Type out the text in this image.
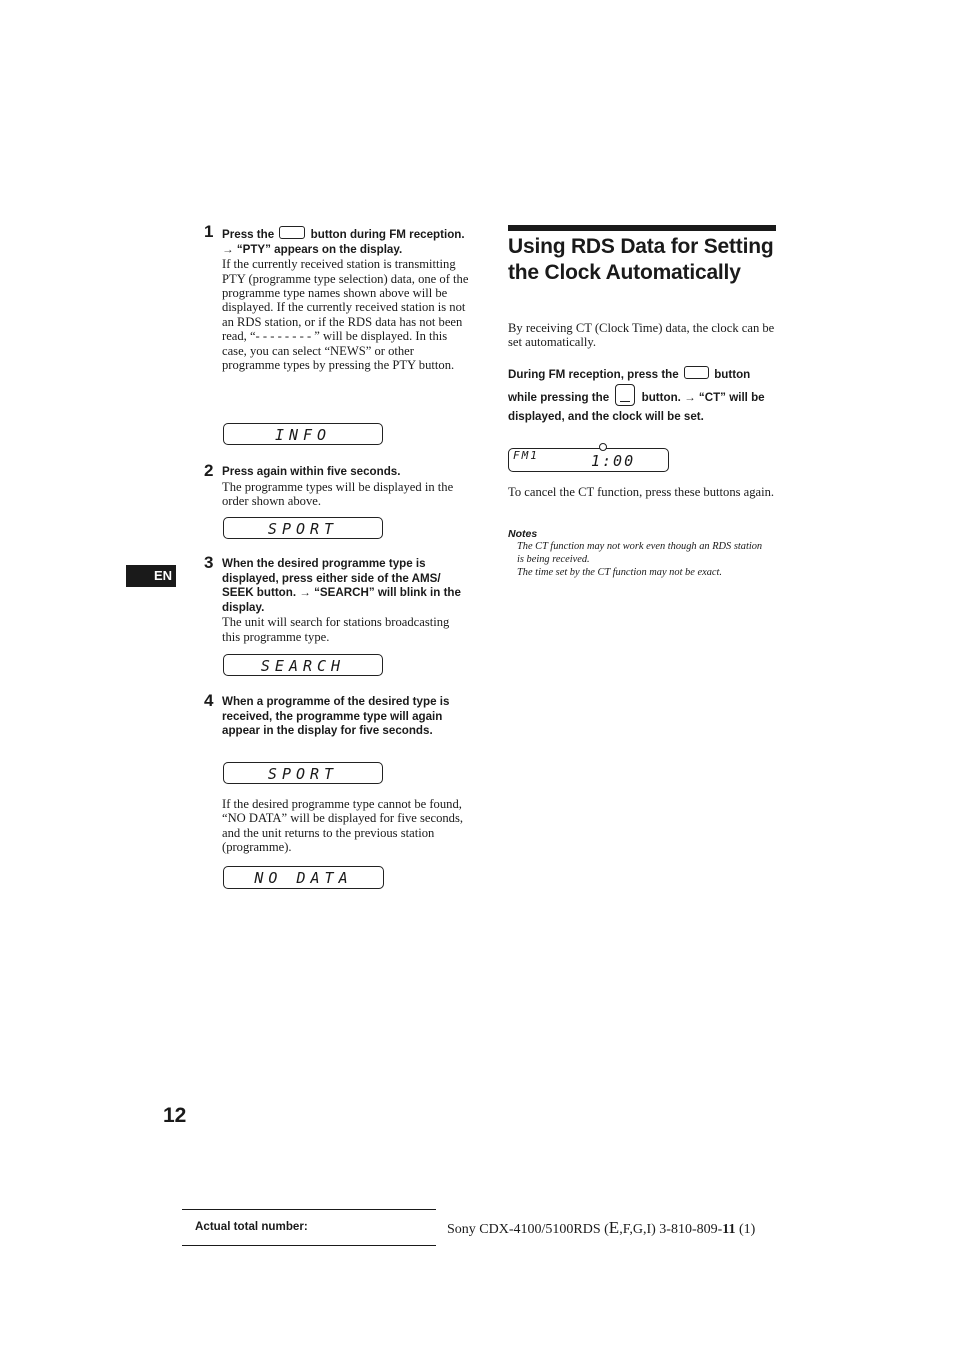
1 Press the	button during FM reception. → “PTY” appears on the display.
If the currently received station is transmitting PTY (programme type selection) data, one of the programme type names shown above will be displayed. If the currently received station is not an RDS station, or if the RDS data has not been read, “- - - - - - - - ” will be displayed. In this case, you can select “NEWS” or other programme types by pressing the PTY button.
INFO
2 Press again within five seconds.
The programme types will be displayed in the order shown above.
SPORT
3 When the desired programme type is displayed, press either side of the AMS/ SEEK button. → “SEARCH” will blink in the display.
The unit will search for stations broadcasting this programme type.
SEARCH
4 When a programme of the desired type is received, the programme type will again appear in the display for five seconds.
SPORT
If the desired programme type cannot be found, “NO DATA” will be displayed for five seconds, and the unit returns to the previous station (programme).
NO DATA
EN
Using RDS Data for Setting the Clock Automatically
By receiving CT (Clock Time) data, the clock can be set automatically.
During FM reception, press the	button while pressing the	button. → “CT” will be displayed, and the clock will be set.
FM1	1:00
To cancel the CT function, press these buttons again.
Notes
The CT function may not work even though an RDS station is being received.
The time set by the CT function may not be exact.
12
Actual total number:	Sony CDX-4100/5100RDS (E,F,G,I) 3-810-809-11 (1)
